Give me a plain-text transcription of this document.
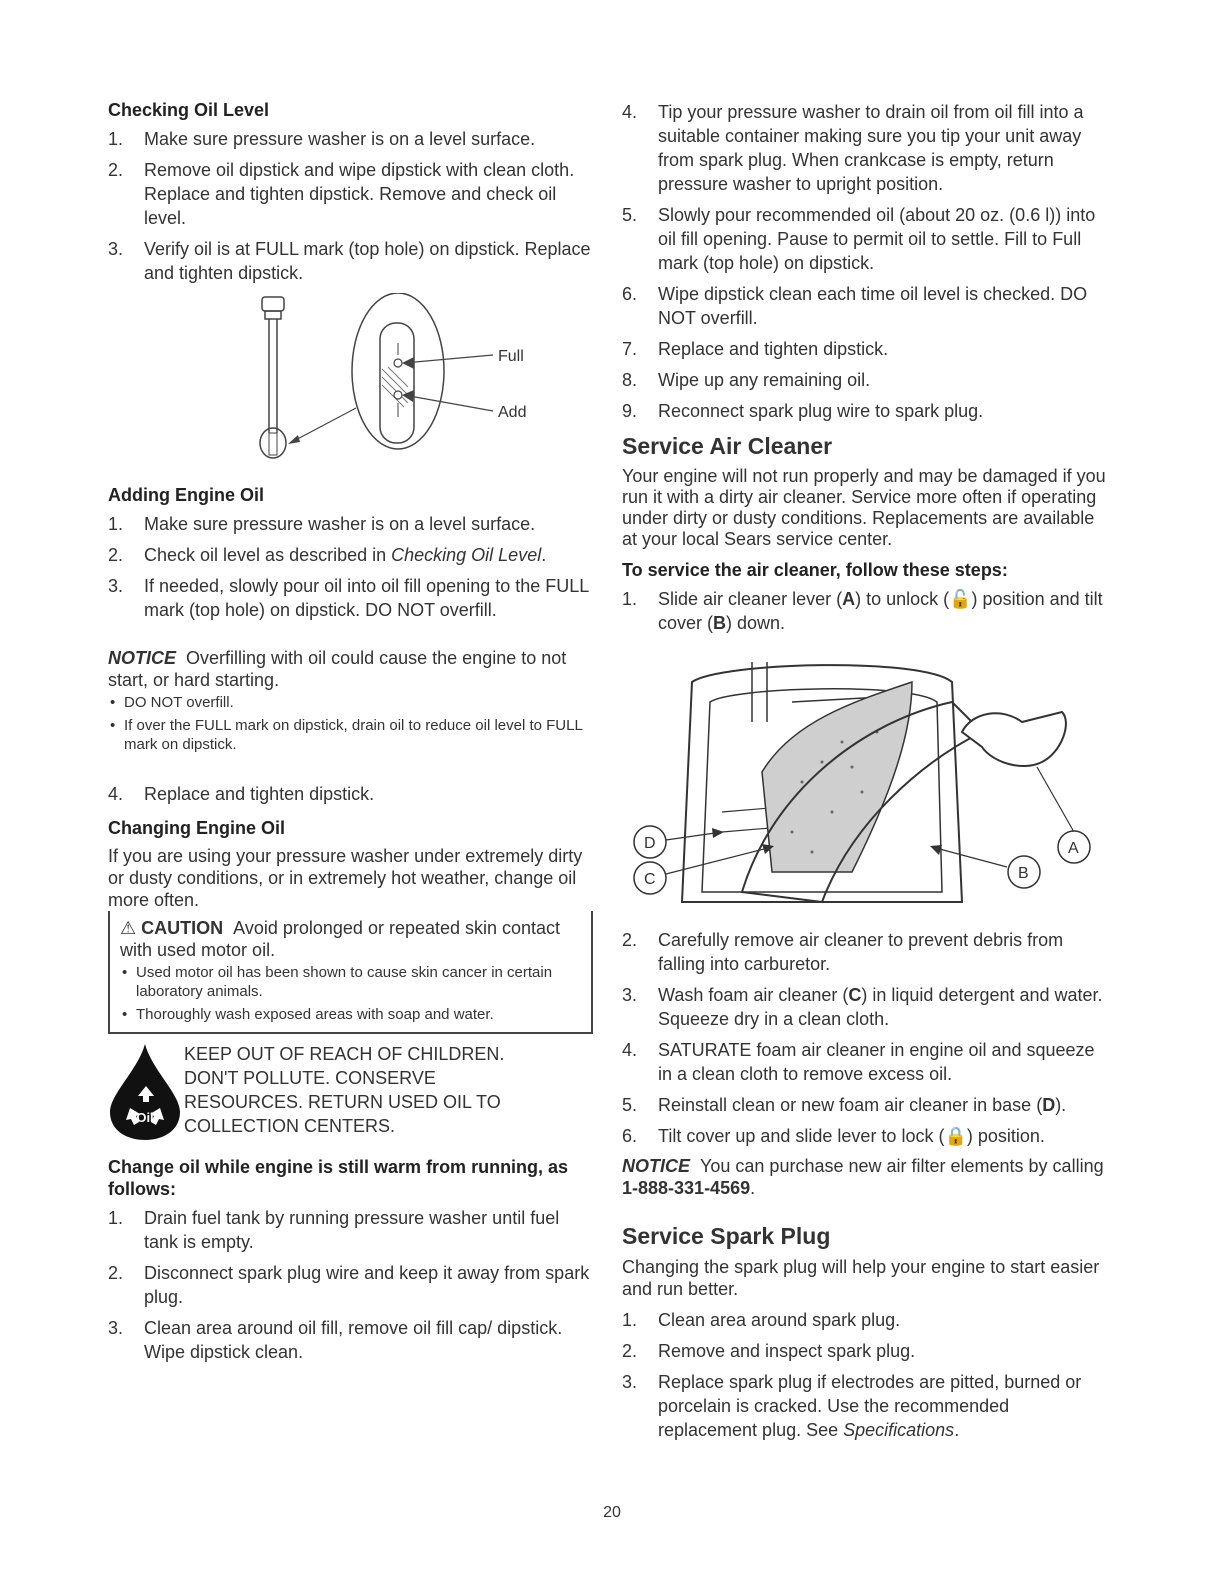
Checking Oil Level
1. Make sure pressure washer is on a level surface.
2. Remove oil dipstick and wipe dipstick with clean cloth. Replace and tighten dipstick. Remove and check oil level.
3. Verify oil is at FULL mark (top hole) on dipstick. Replace and tighten dipstick.
Full
Add
Adding Engine Oil
1. Make sure pressure washer is on a level surface.
2. Check oil level as described in Checking Oil Level.
3. If needed, slowly pour oil into oil fill opening to the FULL mark (top hole) on dipstick. DO NOT overfill.

NOTICE Overfilling with oil could cause the engine to not start, or hard starting.

• DO NOT overfill.
• If over the FULL mark on dipstick, drain oil to reduce oil level to FULL mark on dipstick.
4. Replace and tighten dipstick.
Changing Engine Oil

If you are using your pressure washer under extremely dirty or dusty conditions, or in extremely hot weather, change oil more often.

⚠ CAUTION Avoid prolonged or repeated skin contact with used motor oil.

• Used motor oil has been shown to cause skin cancer in certain laboratory animals.
• Thoroughly wash exposed areas with soap and water.
Oil
KEEP OUT OF REACH OF CHILDREN.
DON'T POLLUTE. CONSERVE
RESOURCES. RETURN USED OIL TO
COLLECTION CENTERS.
Change oil while engine is still warm from running, as follows:
1. Drain fuel tank by running pressure washer until fuel tank is empty.
2. Disconnect spark plug wire and keep it away from spark plug.
3. Clean area around oil fill, remove oil fill cap/ dipstick. Wipe dipstick clean.
4. Tip your pressure washer to drain oil from oil fill into a suitable container making sure you tip your unit away from spark plug. When crankcase is empty, return pressure washer to upright position.
5. Slowly pour recommended oil (about 20 oz. (0.6 l)) into oil fill opening. Pause to permit oil to settle. Fill to Full mark (top hole) on dipstick.
6. Wipe dipstick clean each time oil level is checked. DO NOT overfill.
7. Replace and tighten dipstick.
8. Wipe up any remaining oil.
9. Reconnect spark plug wire to spark plug.
Service Air Cleaner

Your engine will not run properly and may be damaged if you run it with a dirty air cleaner. Service more often if operating under dirty or dusty conditions. Replacements are available at your local Sears service center.

To service the air cleaner, follow these steps:
1. Slide air cleaner lever (A) to unlock (🔓) position and tilt cover (B) down.
A
B
C
D
2. Carefully remove air cleaner to prevent debris from falling into carburetor.
3. Wash foam air cleaner (C) in liquid detergent and water. Squeeze dry in a clean cloth.
4. SATURATE foam air cleaner in engine oil and squeeze in a clean cloth to remove excess oil.
5. Reinstall clean or new foam air cleaner in base (D).
6. Tilt cover up and slide lever to lock (🔒) position.

NOTICE You can purchase new air filter elements by calling 1-888-331-4569.

Service Spark Plug

Changing the spark plug will help your engine to start easier and run better.

1. Clean area around spark plug.
2. Remove and inspect spark plug.
3. Replace spark plug if electrodes are pitted, burned or porcelain is cracked. Use the recommended replacement plug. See Specifications.
20
